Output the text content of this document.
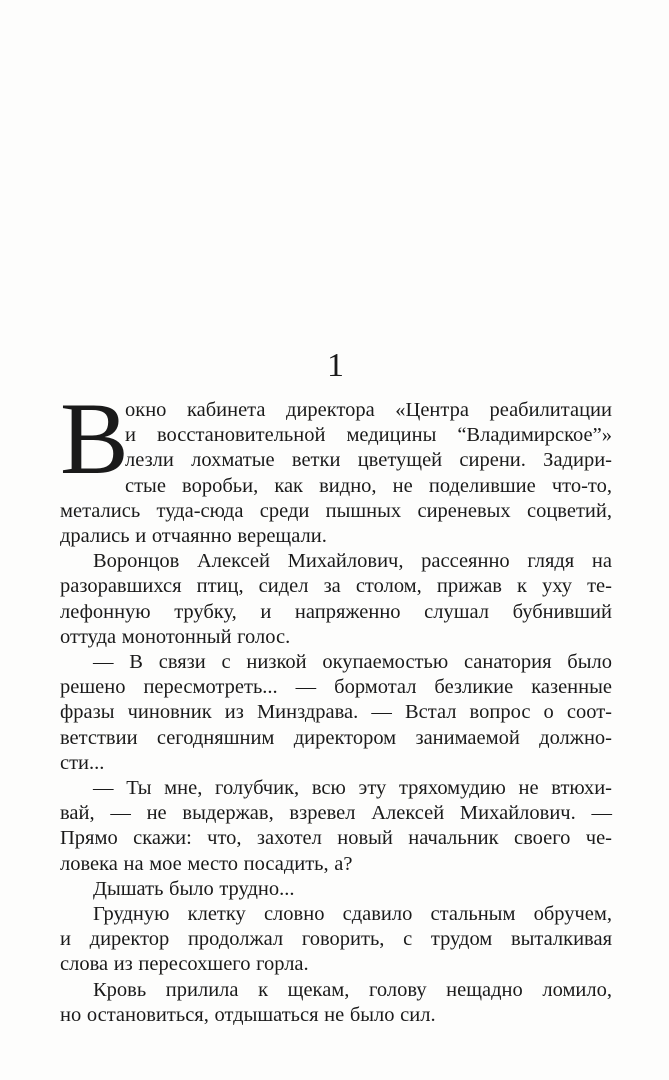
1
В
окно кабинета директора «Центра реабилитации
и восстановительной медицины “Владимирское”»
лезли лохматые ветки цветущей сирени. Задири-
стые воробьи, как видно, не поделившие что-то,
метались туда-сюда среди пышных сиреневых соцветий,
дрались и отчаянно верещали.
Воронцов Алексей Михайлович, рассеянно глядя на
разоравшихся птиц, сидел за столом, прижав к уху те-
лефонную трубку, и напряженно слушал бубнивший
оттуда монотонный голос.
— В связи с низкой окупаемостью санатория было
решено пересмотреть... — бормотал безликие казенные
фразы чиновник из Минздрава. — Встал вопрос о соот-
ветствии сегодняшним директором занимаемой должно-
сти...
— Ты мне, голубчик, всю эту тряхомудию не втюхи-
вай, — не выдержав, взревел Алексей Михайлович. —
Прямо скажи: что, захотел новый начальник своего че-
ловека на мое место посадить, а?
Дышать было трудно...
Грудную клетку словно сдавило стальным обручем,
и директор продолжал говорить, с трудом выталкивая
слова из пересохшего горла.
Кровь прилила к щекам, голову нещадно ломило,
но остановиться, отдышаться не было сил.
